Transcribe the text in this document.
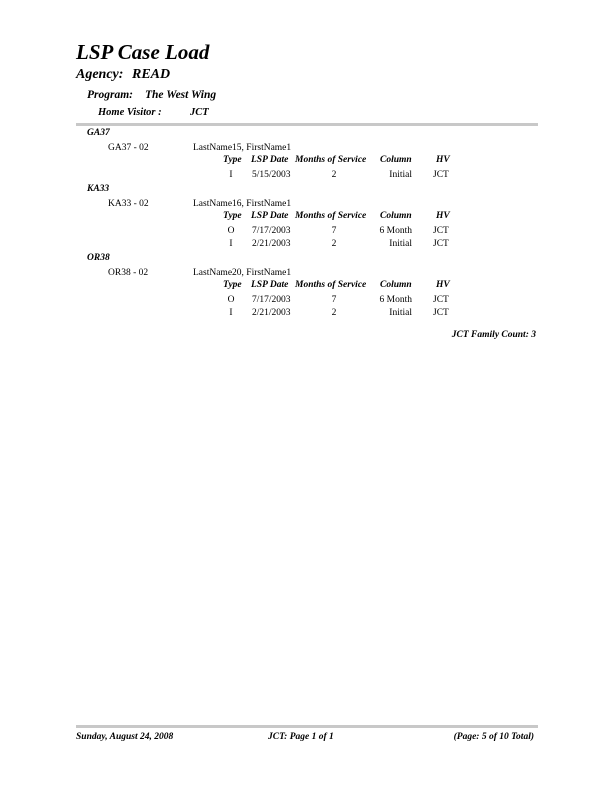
LSP Case Load
Agency: READ
Program: The West Wing
Home Visitor :	JCT
GA37
GA37 - 02	LastName15, FirstName1
Type LSP Date Months of Service Column	HV
I	5/15/2003	2	Initial JCT
KA33
KA33 - 02	LastName16, FirstName1
Type LSP Date Months of Service Column	HV
O 7/17/2003	7	6 Month JCT
I	2/21/2003	2	Initial JCT
OR38
OR38 - 02	LastName20, FirstName1
Type LSP Date Months of Service Column	HV
O 7/17/2003	7	6 Month JCT
I	2/21/2003	2	Initial JCT
JCT Family Count: 3
Sunday, August 24, 2008	JCT: Page 1 of 1	(Page: 5 of 10 Total)
